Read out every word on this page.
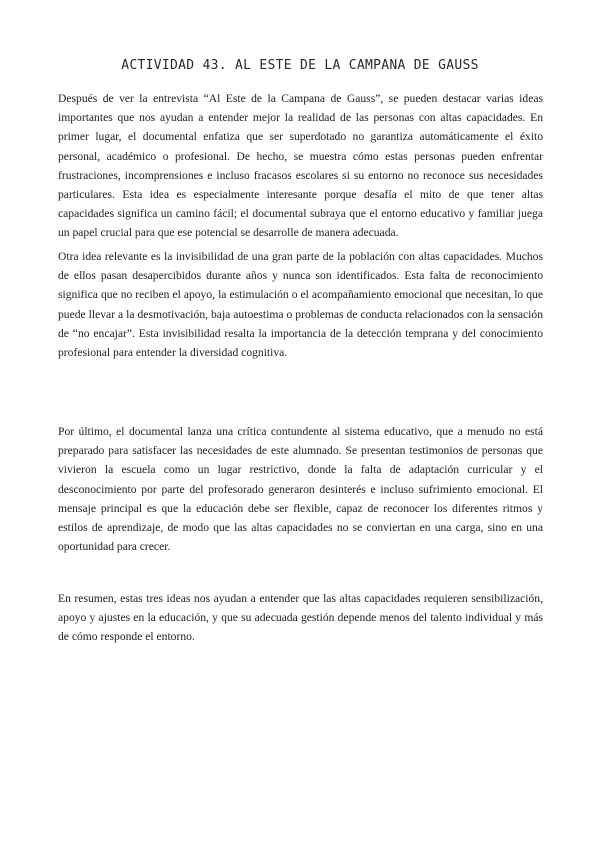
ACTIVIDAD 43. AL ESTE DE LA CAMPANA DE GAUSS

Después de ver la entrevista “Al Este de la Campana de Gauss”, se pueden destacar varias ideas importantes que nos ayudan a entender mejor la realidad de las personas con altas capacidades. En primer lugar, el documental enfatiza que ser superdotado no garantiza automáticamente el éxito personal, académico o profesional. De hecho, se muestra cómo estas personas pueden enfrentar frustraciones, incomprensiones e incluso fracasos escolares si su entorno no reconoce sus necesidades particulares. Esta idea es especialmente interesante porque desafía el mito de que tener altas capacidades significa un camino fácil; el documental subraya que el entorno educativo y familiar juega un papel crucial para que ese potencial se desarrolle de manera adecuada.

Otra idea relevante es la invisibilidad de una gran parte de la población con altas capacidades. Muchos de ellos pasan desapercibidos durante años y nunca son identificados. Esta falta de reconocimiento significa que no reciben el apoyo, la estimulación o el acompañamiento emocional que necesitan, lo que puede llevar a la desmotivación, baja autoestima o problemas de conducta relacionados con la sensación de “no encajar”. Esta invisibilidad resalta la importancia de la detección temprana y del conocimiento profesional para entender la diversidad cognitiva.

Por último, el documental lanza una crítica contundente al sistema educativo, que a menudo no está preparado para satisfacer las necesidades de este alumnado. Se presentan testimonios de personas que vivieron la escuela como un lugar restrictivo, donde la falta de adaptación curricular y el desconocimiento por parte del profesorado generaron desinterés e incluso sufrimiento emocional. El mensaje principal es que la educación debe ser flexible, capaz de reconocer los diferentes ritmos y estilos de aprendizaje, de modo que las altas capacidades no se conviertan en una carga, sino en una oportunidad para crecer.

En resumen, estas tres ideas nos ayudan a entender que las altas capacidades requieren sensibilización, apoyo y ajustes en la educación, y que su adecuada gestión depende menos del talento individual y más de cómo responde el entorno.
